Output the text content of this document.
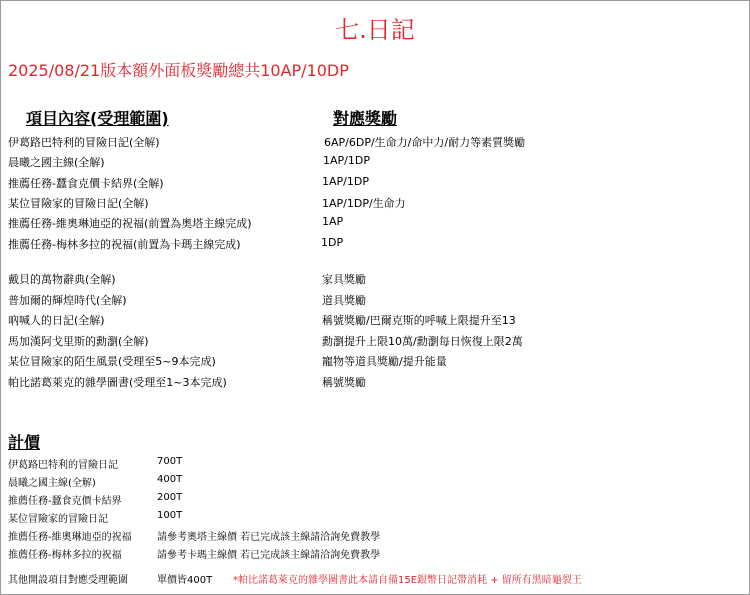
七.日記
2025/08/21版本額外面板獎勵總共10AP/10DP
項目內容(受理範圍)	對應獎勵
伊葛路巴特利的冒險日記(全解)	6AP/6DP/生命力/命中力/耐力等素質獎勵
晨曦之國主線(全解)	1AP/1DP
推薦任務-蠶食克價卡結界(全解)	1AP/1DP
某位冒險家的冒險日記(全解)	1AP/1DP/生命力
推薦任務-維奧琳迪亞的祝福(前置為奧塔主線完成)	1AP
推薦任務-梅林多拉的祝福(前置為卡瑪主線完成)	1DP
戴貝的萬物辭典(全解)	家具獎勵
普加爾的輝煌時代(全解)	道具獎勵
吶喊人的日記(全解)	稱號獎勵/巴爾克斯的呼喊上限提升至13
馬加漢阿戈里斯的勳瀏(全解)	勳瀏提升上限10萬/勳瀏每日恢復上限2萬
某位冒險家的陌生風景(受理至5~9本完成)	寵物等道具獎勵/提升能量
帕比諾葛萊克的雜學圖書(受理至1~3本完成)	稱號獎勵
計價
伊葛路巴特利的冒險日記	700T
晨曦之國主線(全解)	400T
推薦任務-蠶食克價卡結界	200T
某位冒險家的冒險日記	100T
推薦任務-維奧琳迪亞的祝福	請參考奧塔主線價 若已完成該主線請洽詢免費教學
推薦任務-梅林多拉的祝福	請參考卡瑪主線價 若已完成該主線請洽詢免費教學
其他開設項目對應受理範圍	單價皆400T *帕比諾葛萊克的雜學圖書此本請自備15E銀幣日記帶消耗 + 留所有黑暗龜裂王
